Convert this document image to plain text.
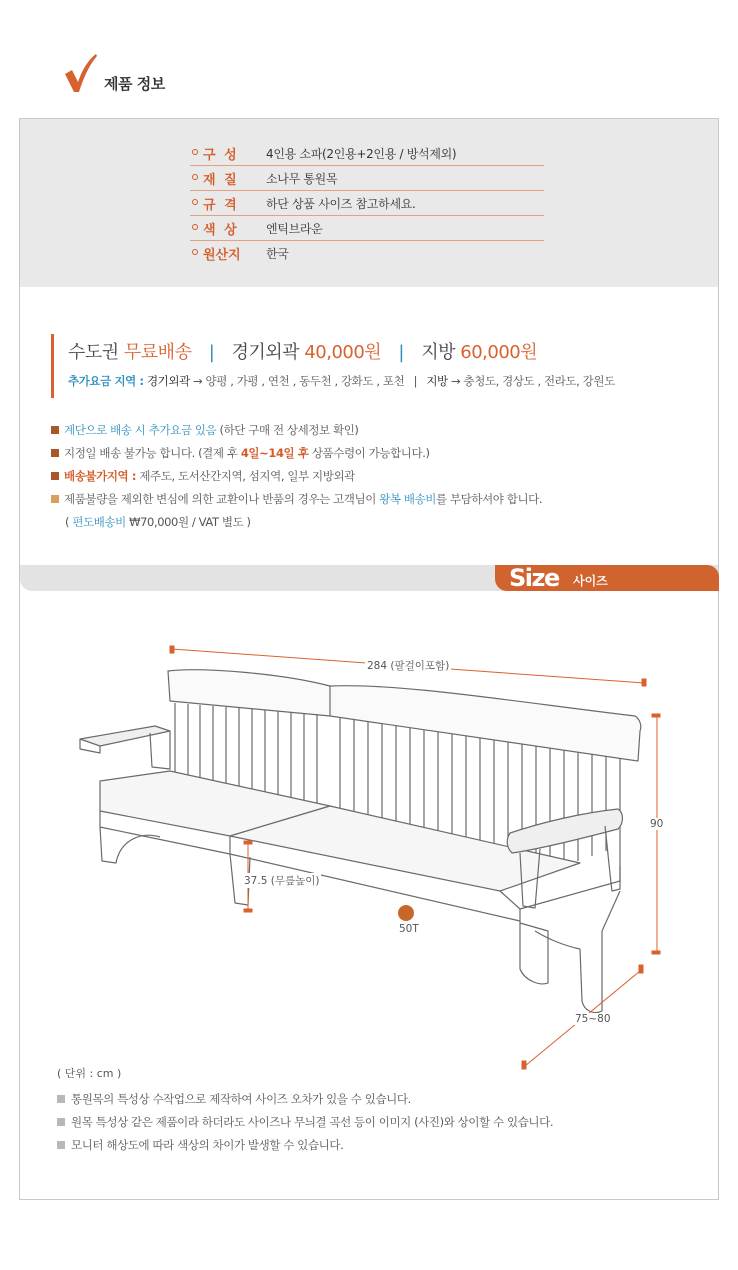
제품 정보
구 성 4인용 소파(2인용+2인용 / 방석제외)
재 질 소나무 통원목
규 격 하단 상품 사이즈 참고하세요.
색 상 엔틱브라운
원산지 한국
수도권 무료배송 | 경기외곽 40,000원 | 지방 60,000원
추가요금 지역 : 경기외곽 → 양평 , 가평 , 연천 , 동두천 , 강화도 , 포천 | 지방 → 충청도, 경상도 , 전라도, 강원도
계단으로 배송 시 추가요금 있음 (하단 구매 전 상세정보 확인)
지정일 배송 불가능 합니다. (결제 후 4일~14일 후 상품수령이 가능합니다.)
배송불가지역 : 제주도, 도서산간지역, 섬지역, 일부 지방외곽
제품불량을 제외한 변심에 의한 교환이나 반품의 경우는 고객님이 왕복 배송비를 부담하셔야 합니다.
( 편도배송비 ₩70,000원 / VAT 별도 )
Size 사이즈
284 (팔걸이포함)
90
37.5 (무릎높이)
50T
75~80
( 단위 : cm )
통원목의 특성상 수작업으로 제작하여 사이즈 오차가 있을 수 있습니다.
원목 특성상 같은 제품이라 하더라도 사이즈나 무늬결 곡선 등이 이미지 (사진)와 상이할 수 있습니다.
모니터 해상도에 따라 색상의 차이가 발생할 수 있습니다.
